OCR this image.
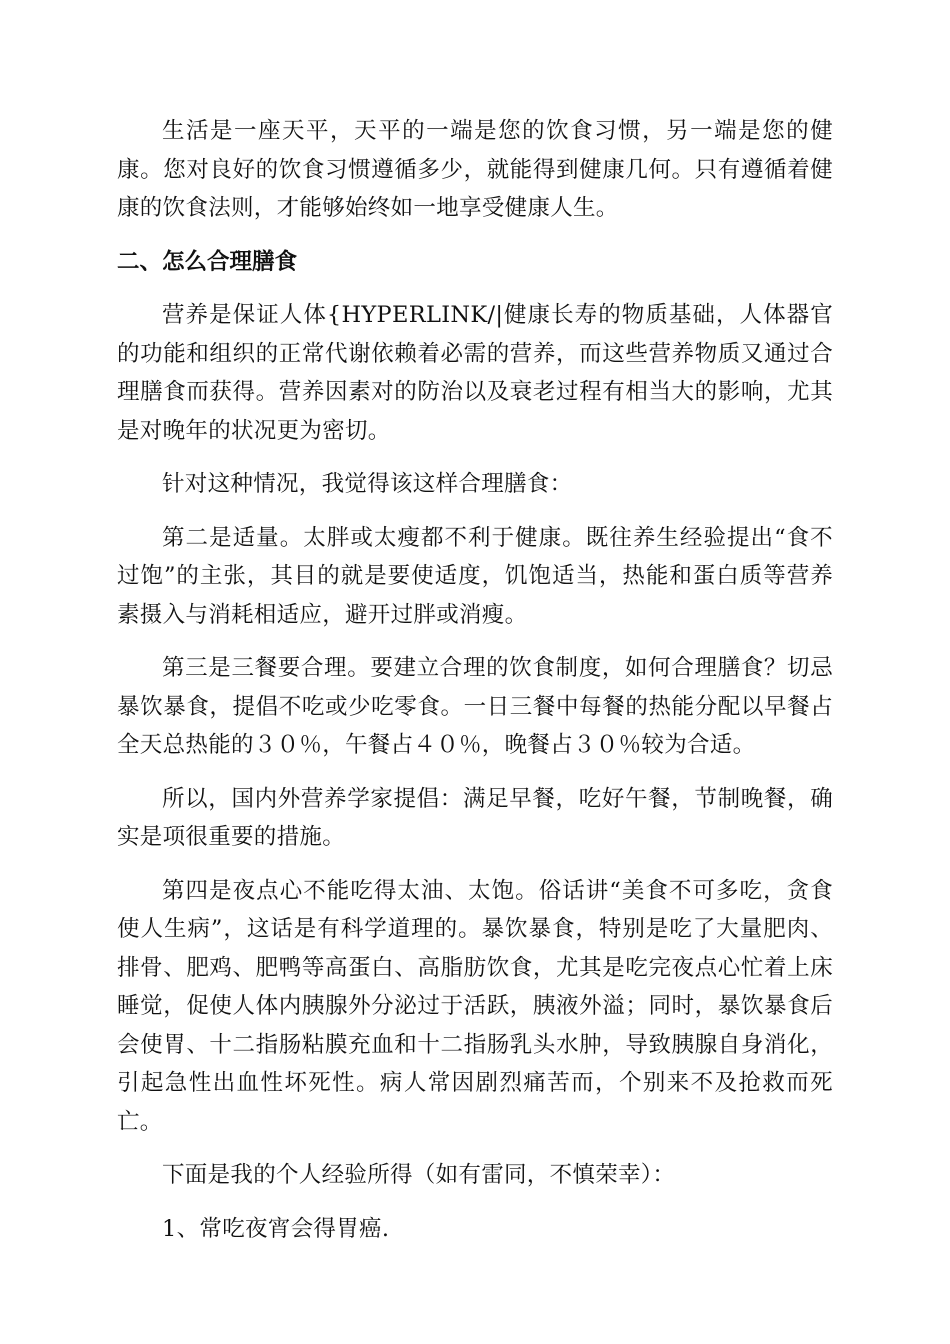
生活是一座天平，天平的一端是您的饮食习惯，另一端是您的健康。您对良好的饮食习惯遵循多少，就能得到健康几何。只有遵循着健康的饮食法则，才能够始终如一地享受健康人生。

二、怎么合理膳食

营养是保证人体{HYPERLINK/|健康长寿的物质基础，人体器官的功能和组织的正常代谢依赖着必需的营养，而这些营养物质又通过合理膳食而获得。营养因素对的防治以及衰老过程有相当大的影响，尤其是对晚年的状况更为密切。

针对这种情况，我觉得该这样合理膳食：

第二是适量。太胖或太瘦都不利于健康。既往养生经验提出“食不过饱”的主张，其目的就是要使适度，饥饱适当，热能和蛋白质等营养素摄入与消耗相适应，避开过胖或消瘦。

第三是三餐要合理。要建立合理的饮食制度，如何合理膳食？切忌暴饮暴食，提倡不吃或少吃零食。一日三餐中每餐的热能分配以早餐占全天总热能的３０％，午餐占４０％，晚餐占３０％较为合适。

所以，国内外营养学家提倡：满足早餐，吃好午餐，节制晚餐，确实是项很重要的措施。

第四是夜点心不能吃得太油、太饱。俗话讲“美食不可多吃，贪食使人生病”，这话是有科学道理的。暴饮暴食，特别是吃了大量肥肉、排骨、肥鸡、肥鸭等高蛋白、高脂肪饮食，尤其是吃完夜点心忙着上床睡觉，促使人体内胰腺外分泌过于活跃，胰液外溢；同时，暴饮暴食后会使胃、十二指肠粘膜充血和十二指肠乳头水肿，导致胰腺自身消化，引起急性出血性坏死性。病人常因剧烈痛苦而，个别来不及抢救而死亡。

下面是我的个人经验所得（如有雷同，不慎荣幸）：

1、常吃夜宵会得胃癌.
